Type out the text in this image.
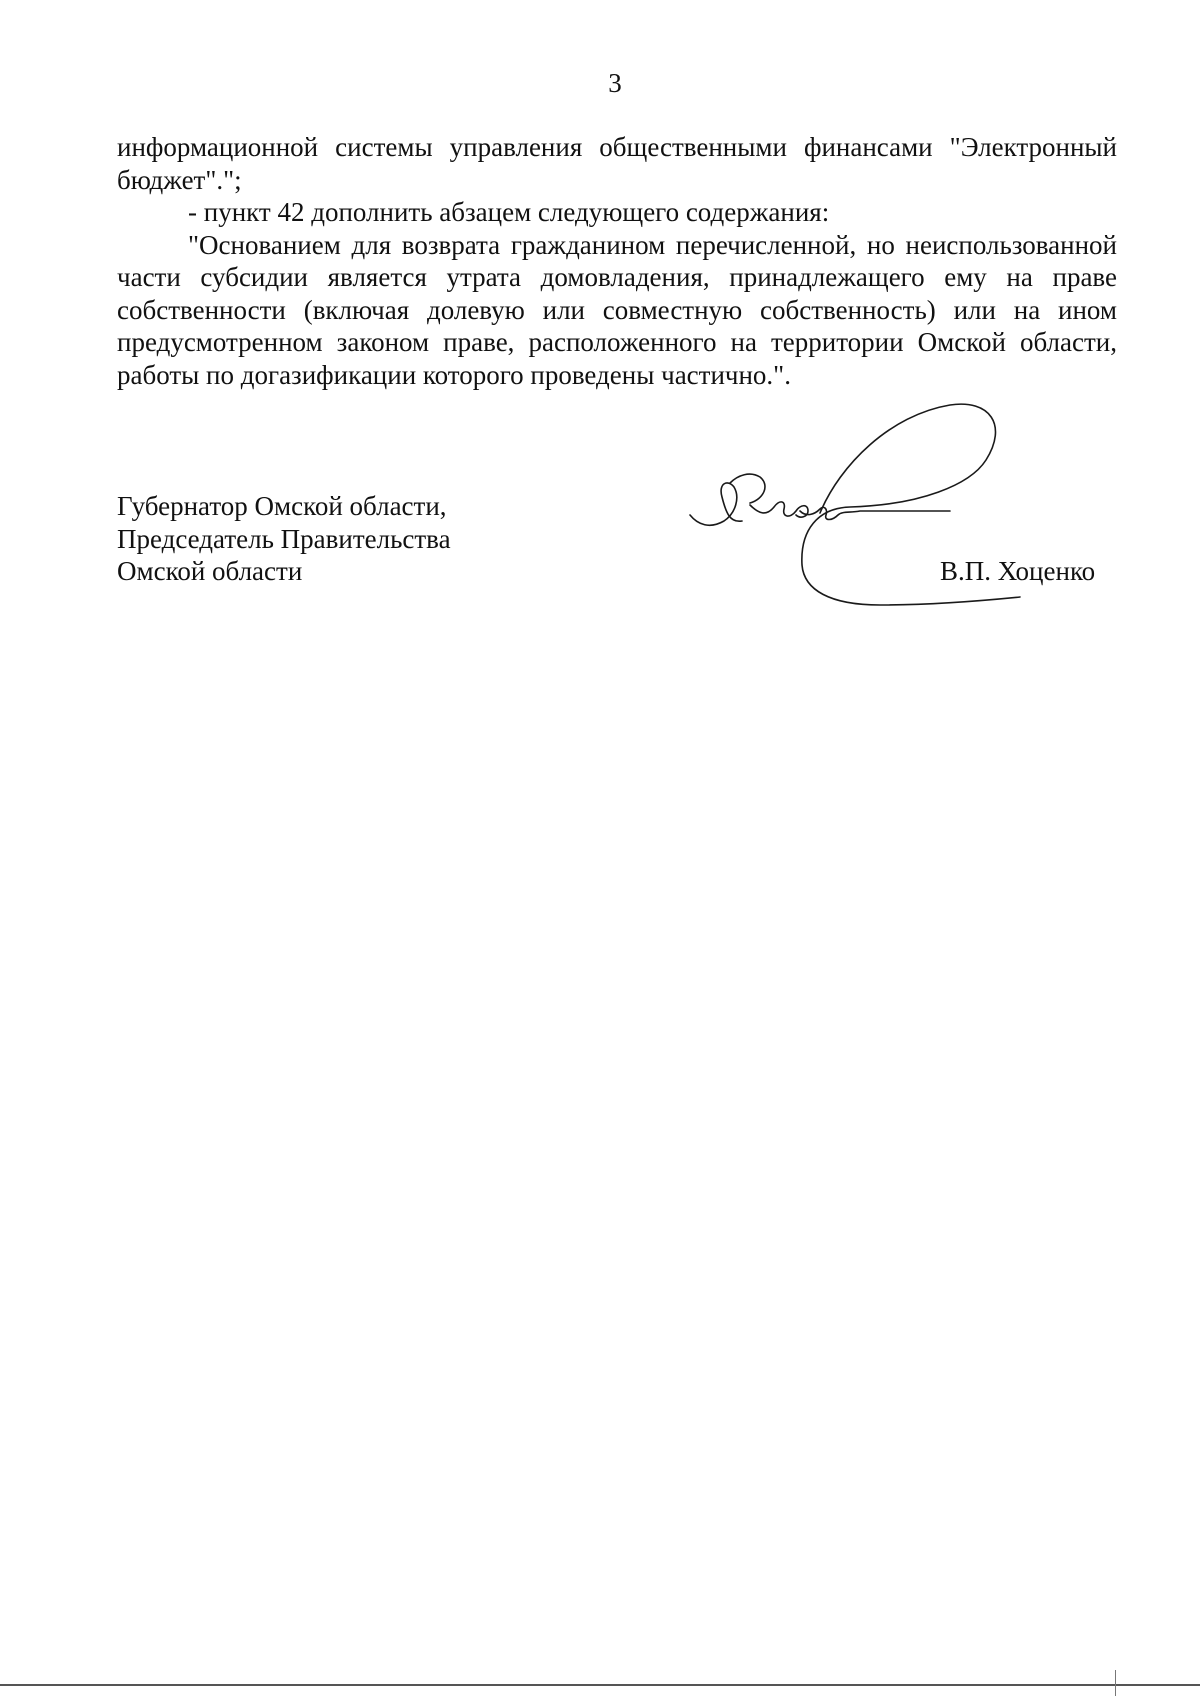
3

информационной системы управления общественными финансами "Электронный бюджет".";

- пункт 42 дополнить абзацем следующего содержания:

"Основанием для возврата гражданином перечисленной, но неиспользованной части субсидии является утрата домовладения, принадлежащего ему на праве собственности (включая долевую или совместную собственность) или на ином предусмотренном законом праве, расположенного на территории Омской области, работы по догазификации которого проведены частично.".

Губернатор Омской области,
Председатель Правительства
Омской области	В.П. Хоценко
